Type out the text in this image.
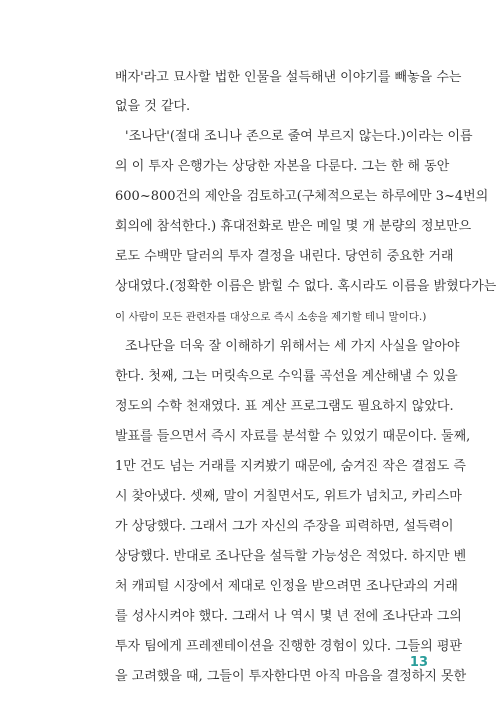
배자'라고 묘사할 법한 인물을 설득해낸 이야기를 빼놓을 수는
없을 것 같다.
'조나단'(절대 조니나 존으로 줄여 부르지 않는다.)이라는 이름
의 이 투자 은행가는 상당한 자본을 다룬다. 그는 한 해 동안
600~800건의 제안을 검토하고(구체적으로는 하루에만 3~4번의
회의에 참석한다.) 휴대전화로 받은 메일 몇 개 분량의 정보만으
로도 수백만 달러의 투자 결정을 내린다. 당연히 중요한 거래
상대였다.(정확한 이름은 밝힐 수 없다. 혹시라도 이름을 밝혔다가는
이 사람이 모든 관련자를 대상으로 즉시 소송을 제기할 테니 말이다.)
조나단을 더욱 잘 이해하기 위해서는 세 가지 사실을 알아야
한다. 첫째, 그는 머릿속으로 수익률 곡선을 계산해낼 수 있을
정도의 수학 천재였다. 표 계산 프로그램도 필요하지 않았다.
발표를 들으면서 즉시 자료를 분석할 수 있었기 때문이다. 둘째,
1만 건도 넘는 거래를 지켜봤기 때문에, 숨겨진 작은 결점도 즉
시 찾아냈다. 셋째, 말이 거칠면서도, 위트가 넘치고, 카리스마
가 상당했다. 그래서 그가 자신의 주장을 피력하면, 설득력이
상당했다. 반대로 조나단을 설득할 가능성은 적었다. 하지만 벤
처 캐피털 시장에서 제대로 인정을 받으려면 조나단과의 거래
를 성사시켜야 했다. 그래서 나 역시 몇 년 전에 조나단과 그의
투자 팀에게 프레젠테이션을 진행한 경험이 있다. 그들의 평판
을 고려했을 때, 그들이 투자한다면 아직 마음을 결정하지 못한
13
